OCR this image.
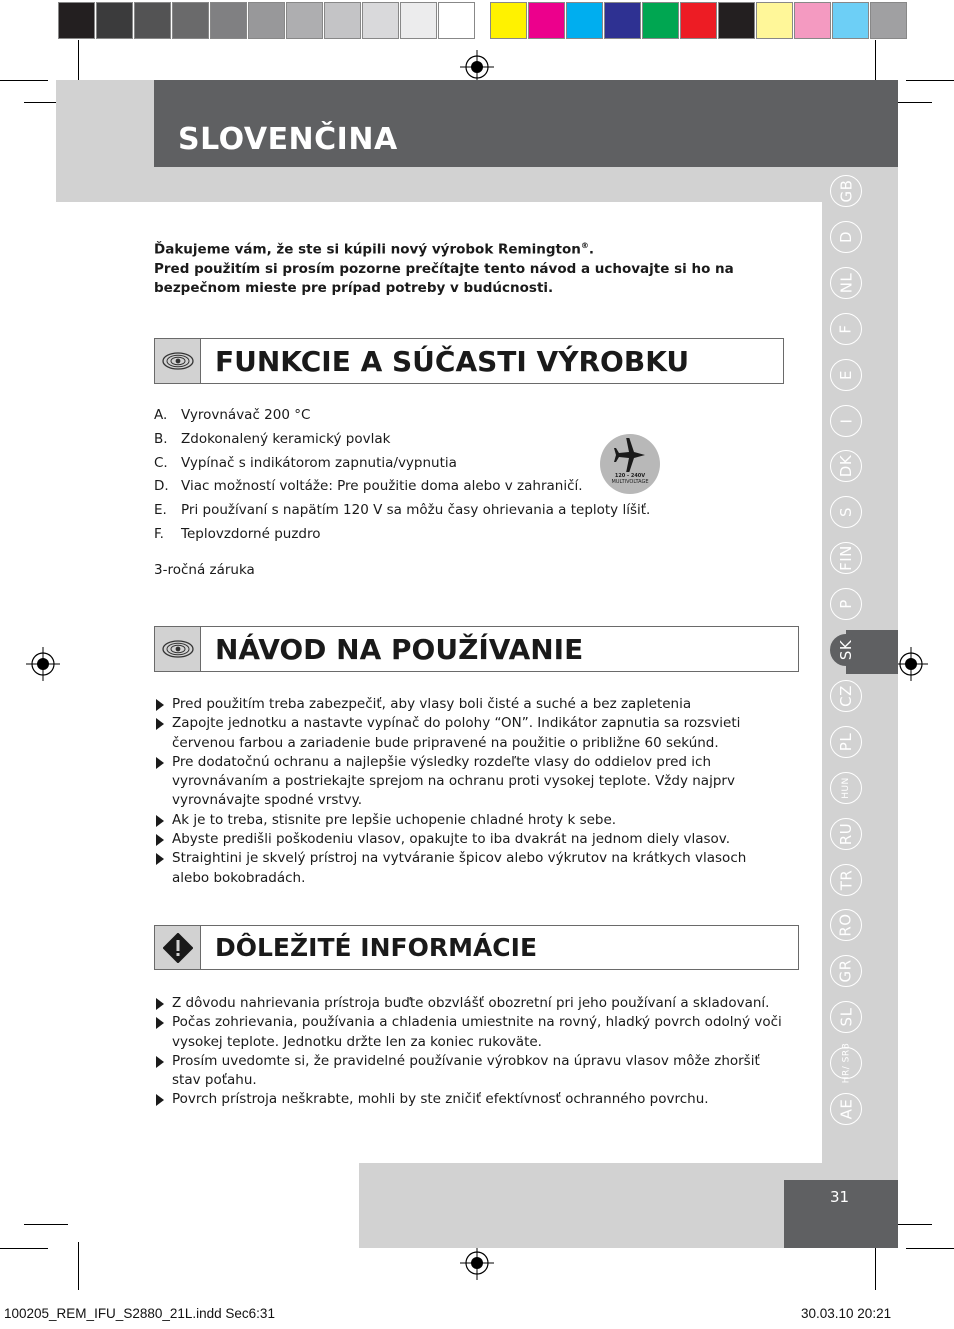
SLOVENČINA
31
GB
D
NL
F
E
I
DK
S
FIN
P
SK
CZ
PL
HUN
RU
TR
RO
GR
SL
HR/ SRB
AE
Ďakujeme vám, že ste si kúpili nový výrobok Remington®.
Pred použitím si prosím pozorne prečítajte tento návod a uchovajte si ho na bezpečnom mieste pre prípad potreby v budúcnosti.
FUNKCIE A SÚČASTI VÝROBKU
A.	Vyrovnávač 200 °C
B. Zdokonalený keramický povlak
C. Vypínač s indikátorom zapnutia/vypnutia
D. Viac možností voltáže: Pre použitie doma alebo v zahraničí.
E.	Pri používaní s napätím 120 V sa môžu časy ohrievania a teploty líšiť.
F.	Teplovzdorné puzdro
3-ročná záruka
120 - 240V
MULTIVOLTAGE
NÁVOD NA POUŽÍVANIE
Pred použitím treba zabezpečiť, aby vlasy boli čisté a suché a bez zapletenia
Zapojte jednotku a nastavte vypínač do polohy “ON”. Indikátor zapnutia sa rozsvieti červenou farbou a zariadenie bude pripravené na použitie o približne 60 sekúnd.
Pre dodatočnú ochranu a najlepšie výsledky rozdeľte vlasy do oddielov pred ich vyrovnávaním a postriekajte sprejom na ochranu proti vysokej teplote. Vždy najprv vyrovnávajte spodné vrstvy.
Ak je to treba, stisnite pre lepšie uchopenie chladné hroty k sebe.
Abyste predišli poškodeniu vlasov, opakujte to iba dvakrát na jednom diely vlasov.
Straightini je skvelý prístroj na vytváranie špicov alebo výkrutov na krátkych vlasoch alebo bokobradách.
DÔLEŽITÉ INFORMÁCIE
Z dôvodu nahrievania prístroja buďte obzvlášť obozretní pri jeho používaní a skladovaní.
Počas zohrievania, používania a chladenia umiestnite na rovný, hladký povrch odolný voči vysokej teplote. Jednotku držte len za koniec rukoväte.
Prosím uvedomte si, že pravidelné používanie výrobkov na úpravu vlasov môže zhoršiť stav poťahu.
Povrch prístroja neškrabte, mohli by ste zničiť efektívnosť ochranného povrchu.
100205_REM_IFU_S2880_21L.indd Sec6:31	30.03.10 20:21
